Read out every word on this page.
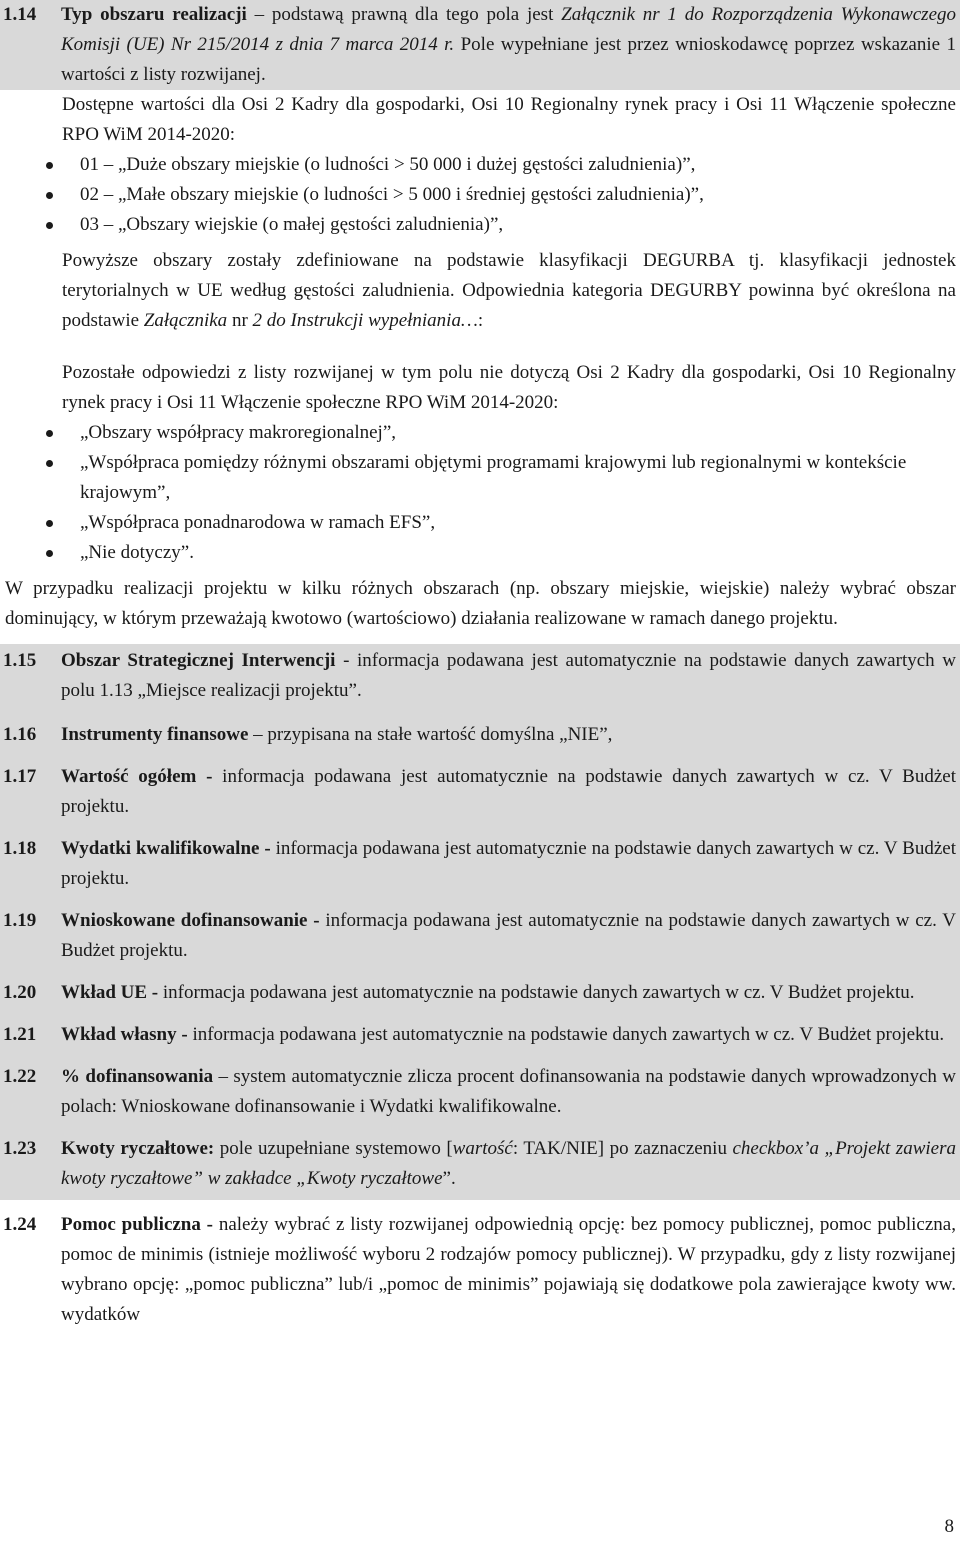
1.14	Typ obszaru realizacji – podstawą prawną dla tego pola jest Załącznik nr 1 do Rozporządzenia Wykonawczego Komisji (UE) Nr 215/2014 z dnia 7 marca 2014 r. Pole wypełniane jest przez wnioskodawcę poprzez wskazanie 1 wartości z listy rozwijanej.
Dostępne wartości dla Osi 2 Kadry dla gospodarki, Osi 10 Regionalny rynek pracy i Osi 11 Włączenie społeczne RPO WiM 2014-2020:
01 – „Duże obszary miejskie (o ludności > 50 000 i dużej gęstości zaludnienia)”,
02 – „Małe obszary miejskie (o ludności > 5 000 i średniej gęstości zaludnienia)”,
03 – „Obszary wiejskie (o małej gęstości zaludnienia)”,
Powyższe obszary zostały zdefiniowane na podstawie klasyfikacji DEGURBA tj. klasyfikacji jednostek terytorialnych w UE według gęstości zaludnienia. Odpowiednia kategoria DEGURBY powinna być określona na podstawie Załącznika nr 2 do Instrukcji wypełniania…:
Pozostałe odpowiedzi z listy rozwijanej w tym polu nie dotyczą Osi 2 Kadry dla gospodarki, Osi 10 Regionalny rynek pracy i Osi 11 Włączenie społeczne RPO WiM 2014-2020:
„Obszary współpracy makroregionalnej”,
„Współpraca pomiędzy różnymi obszarami objętymi programami krajowymi lub regionalnymi w kontekście krajowym”,
„Współpraca ponadnarodowa w ramach EFS”,
„Nie dotyczy”.

W przypadku realizacji projektu w kilku różnych obszarach (np. obszary miejskie, wiejskie) należy wybrać obszar dominujący, w którym przeważają kwotowo (wartościowo) działania realizowane w ramach danego projektu.

1.15	Obszar Strategicznej Interwencji - informacja podawana jest automatycznie na podstawie danych zawartych w polu 1.13 „Miejsce realizacji projektu”.
1.16	Instrumenty finansowe – przypisana na stałe wartość domyślna „NIE”,
1.17	Wartość ogółem - informacja podawana jest automatycznie na podstawie danych zawartych w cz. V Budżet projektu.
1.18	Wydatki kwalifikowalne - informacja podawana jest automatycznie na podstawie danych zawartych w cz. V Budżet projektu.
1.19	Wnioskowane dofinansowanie - informacja podawana jest automatycznie na podstawie danych zawartych w cz. V Budżet projektu.
1.20	Wkład UE - informacja podawana jest automatycznie na podstawie danych zawartych w cz. V Budżet projektu.
1.21	Wkład własny - informacja podawana jest automatycznie na podstawie danych zawartych w cz. V Budżet projektu.
1.22	% dofinansowania – system automatycznie zlicza procent dofinansowania na podstawie danych wprowadzonych w polach: Wnioskowane dofinansowanie i Wydatki kwalifikowalne.
1.23	Kwoty ryczałtowe: pole uzupełniane systemowo [wartość: TAK/NIE] po zaznaczeniu checkbox’a „Projekt zawiera kwoty ryczałtowe” w zakładce „Kwoty ryczałtowe”.
1.24	Pomoc publiczna - należy wybrać z listy rozwijanej odpowiednią opcję: bez pomocy publicznej, pomoc publiczna, pomoc de minimis (istnieje możliwość wyboru 2 rodzajów pomocy publicznej). W przypadku, gdy z listy rozwijanej wybrano opcję: „pomoc publiczna” lub/i „pomoc de minimis” pojawiają się dodatkowe pola zawierające kwoty ww. wydatków
8
